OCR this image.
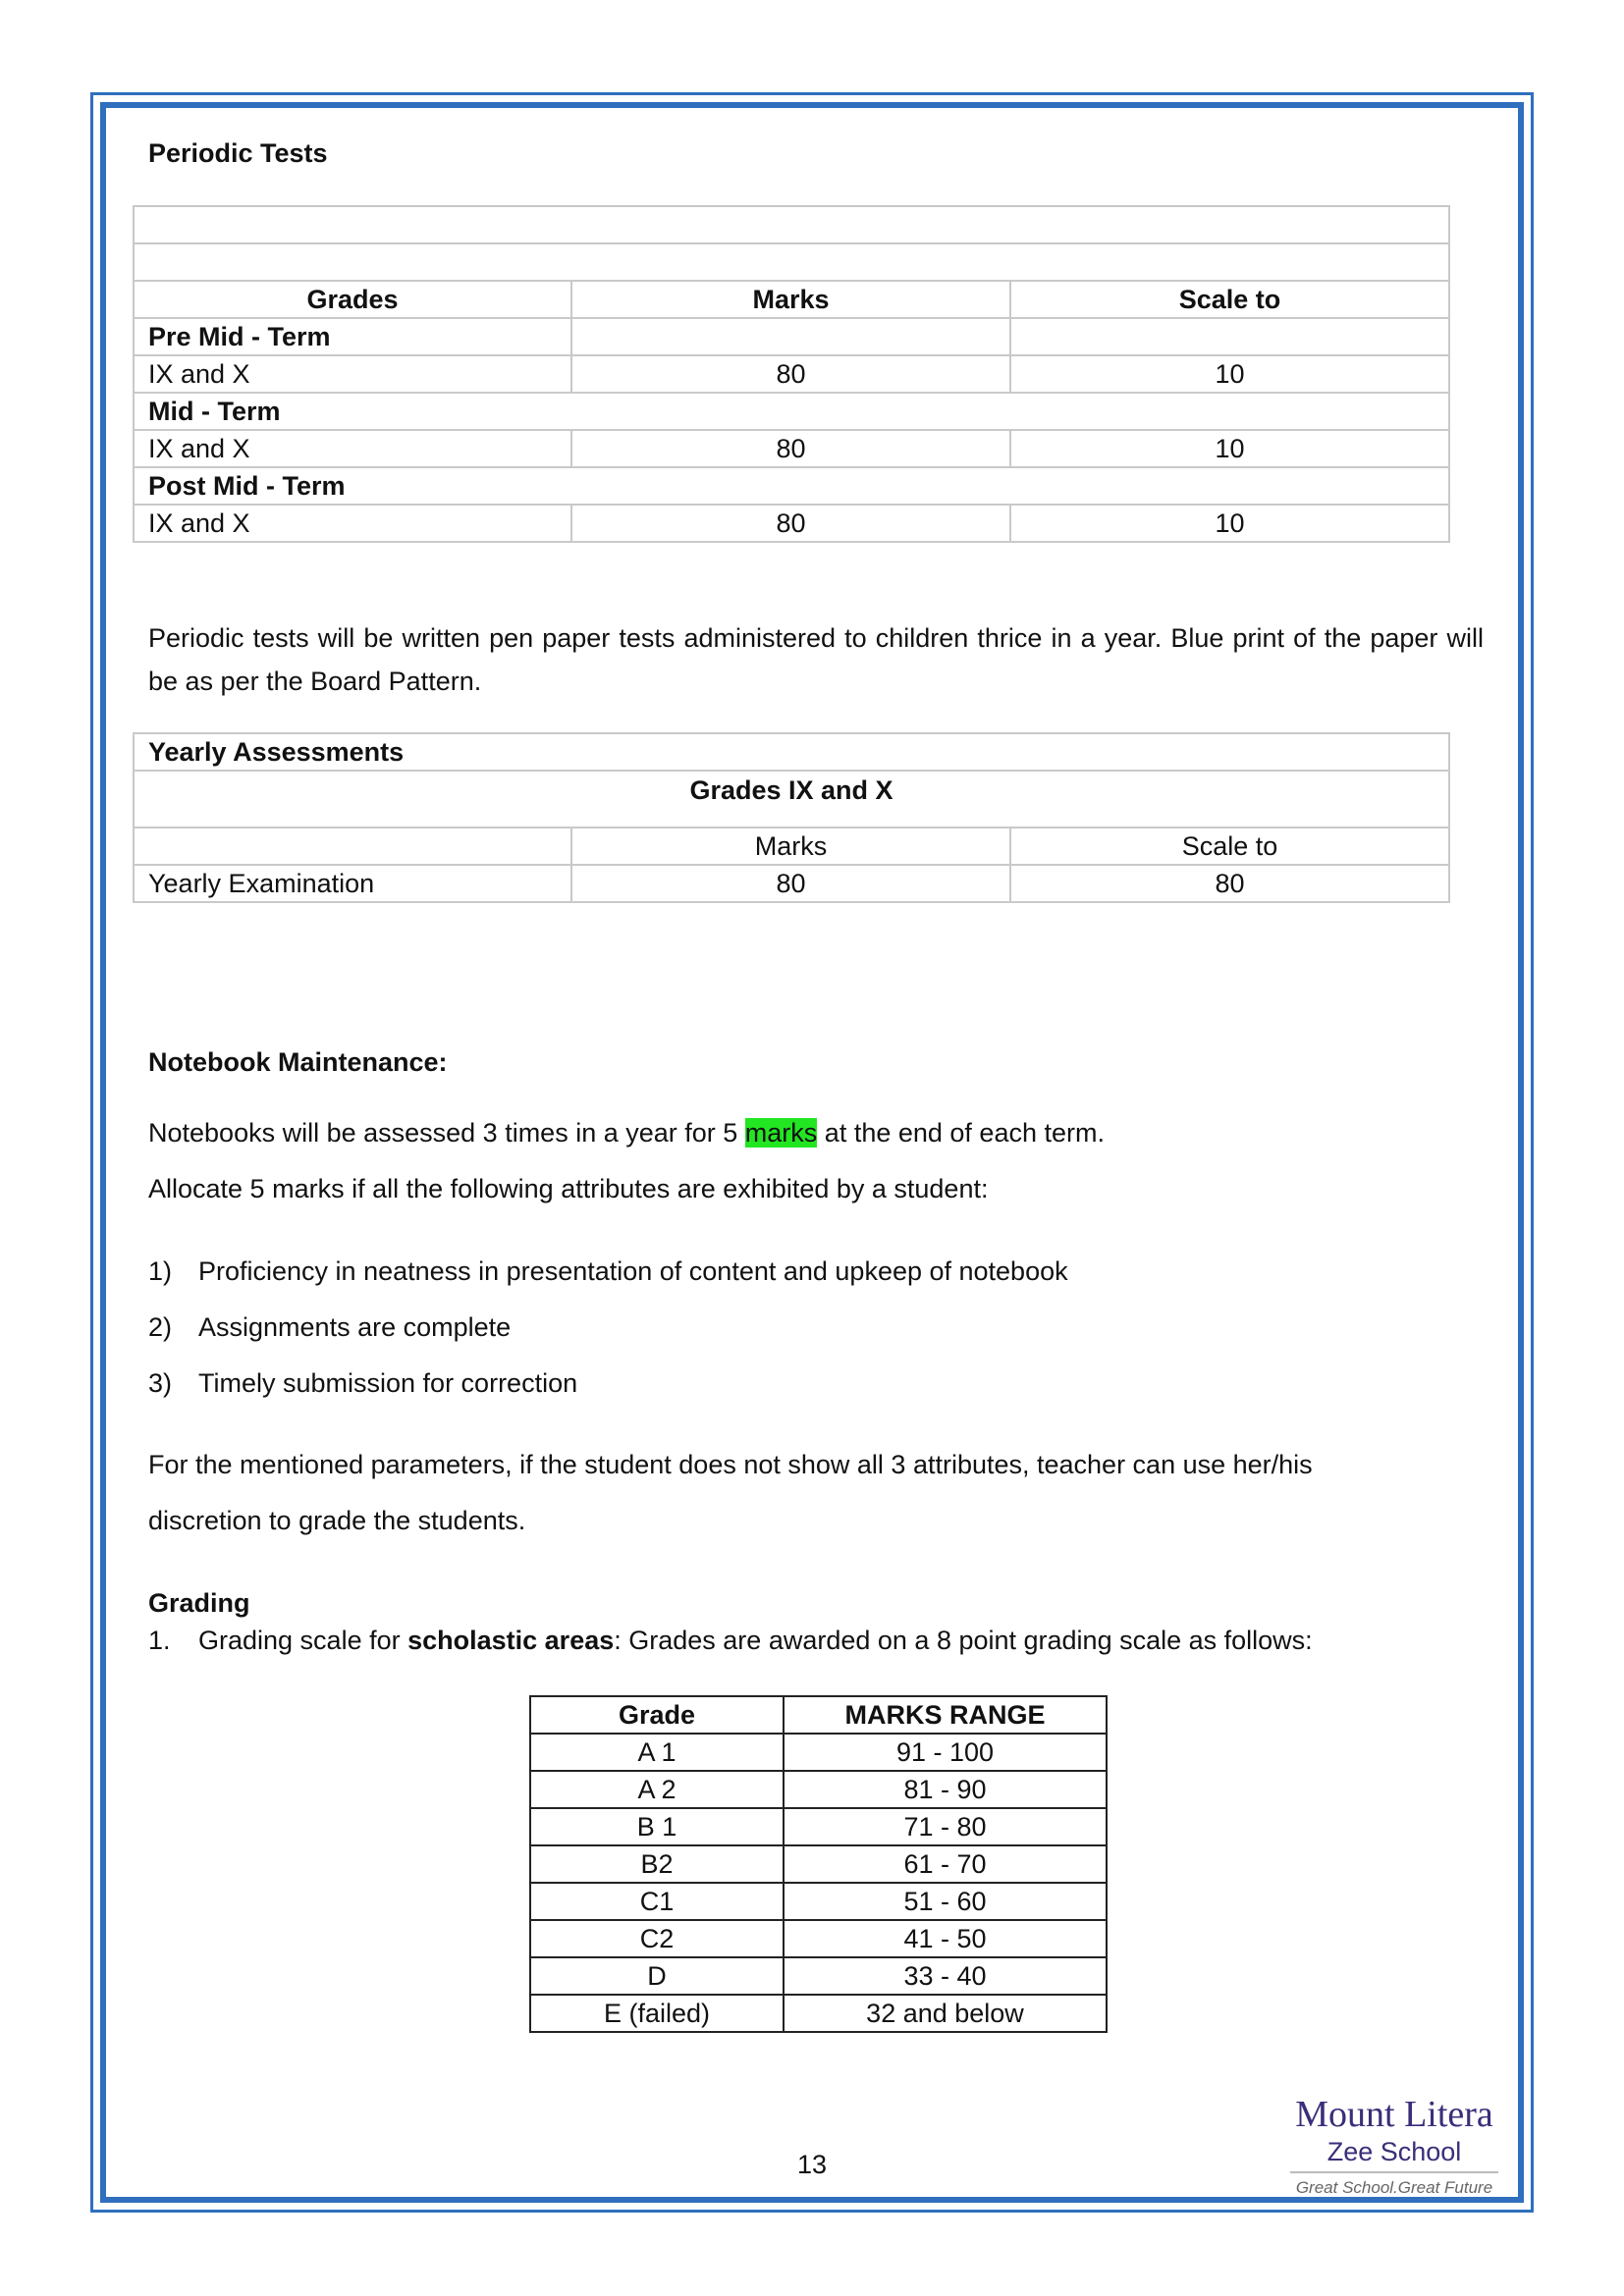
Periodic Tests

Grades	Marks	Scale to
Pre Mid - Term		
IX and X	80	10
Mid - Term		
IX and X	80	10
Post Mid - Term		
IX and X	80	10
Periodic tests will be written pen paper tests administered to children thrice in a year. Blue print of the paper will be as per the Board Pattern.
Yearly Assessments		
Grades IX and X		
	Marks	Scale to
Yearly Examination	80	80
Notebook Maintenance:
Notebooks will be assessed 3 times in a year for 5 marks at the end of each term.
Allocate 5 marks if all the following attributes are exhibited by a student:
1) Proficiency in neatness in presentation of content and upkeep of notebook
2) Assignments are complete
3) Timely submission for correction
For the mentioned parameters, if the student does not show all 3 attributes, teacher can use her/his
discretion to grade the students.
Grading
1. Grading scale for scholastic areas: Grades are awarded on a 8 point grading scale as follows:
Grade	MARKS RANGE
A 1	91 - 100
A 2	81 - 90
B 1	71 - 80
B2	61 - 70
C1	51 - 60
C2	41 - 50
D	33 - 40
E (failed)	32 and below
13
Mount Litera
Zee School
Great School.Great Future
